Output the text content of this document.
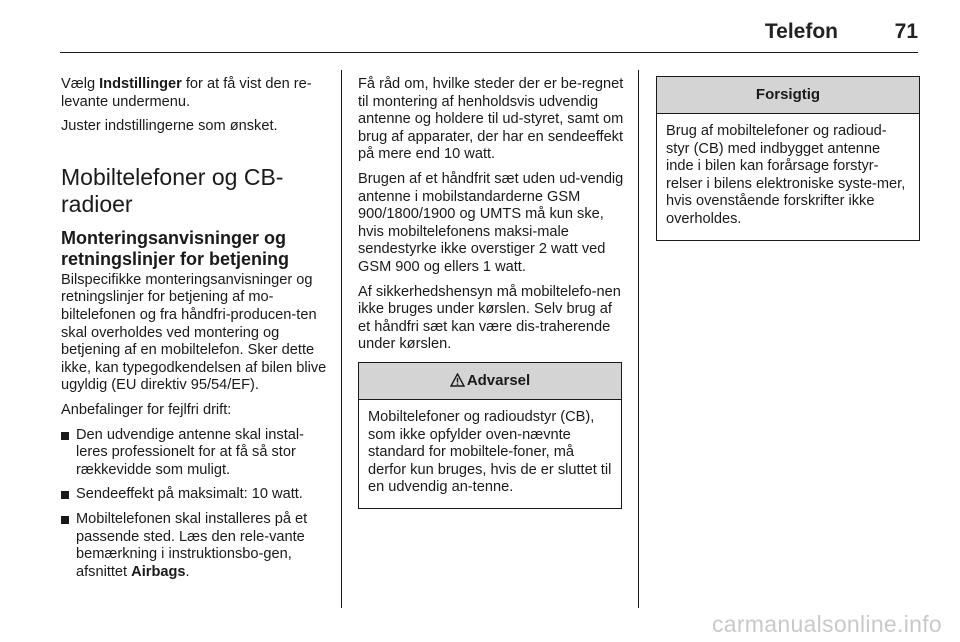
Telefon	71

Vælg Indstillinger for at få vist den re-levante undermenu.

Juster indstillingerne som ønsket.

Mobiltelefoner og CB-radioer
Monteringsanvisninger og retningslinjer for betjening

Bilspecifikke monteringsanvisninger og retningslinjer for betjening af mo-biltelefonen og fra håndfri-producen-ten skal overholdes ved montering og betjening af en mobiltelefon. Sker dette ikke, kan typegodkendelsen af bilen blive ugyldig (EU direktiv 95/54/EF).

Anbefalinger for fejlfri drift:

Den udvendige antenne skal instal-leres professionelt for at få så stor rækkevidde som muligt.
Sendeeffekt på maksimalt: 10 watt.
Mobiltelefonen skal installeres på et passende sted. Læs den rele-vante bemærkning i instruktionsbo-gen, afsnittet Airbags.

Få råd om, hvilke steder der er be-regnet til montering af henholdsvis udvendig antenne og holdere til ud-styret, samt om brug af apparater, der har en sendeeffekt på mere end 10 watt.

Brugen af et håndfrit sæt uden ud-vendig antenne i mobilstandarderne GSM 900/1800/1900 og UMTS må kun ske, hvis mobiltelefonens maksi-male sendestyrke ikke overstiger 2 watt ved GSM 900 og ellers 1 watt.

Af sikkerhedshensyn må mobiltelefo-nen ikke bruges under kørslen. Selv brug af et håndfri sæt kan være dis-traherende under kørslen.

Advarsel
Mobiltelefoner og radioudstyr (CB), som ikke opfylder oven-nævnte standard for mobiltele-foner, må derfor kun bruges, hvis de er sluttet til en udvendig an-tenne.
Forsigtig
Brug af mobiltelefoner og radioud-styr (CB) med indbygget antenne inde i bilen kan forårsage forstyr-relser i bilens elektroniske syste-mer, hvis ovenstående forskrifter ikke overholdes.
carmanualsonline.info
